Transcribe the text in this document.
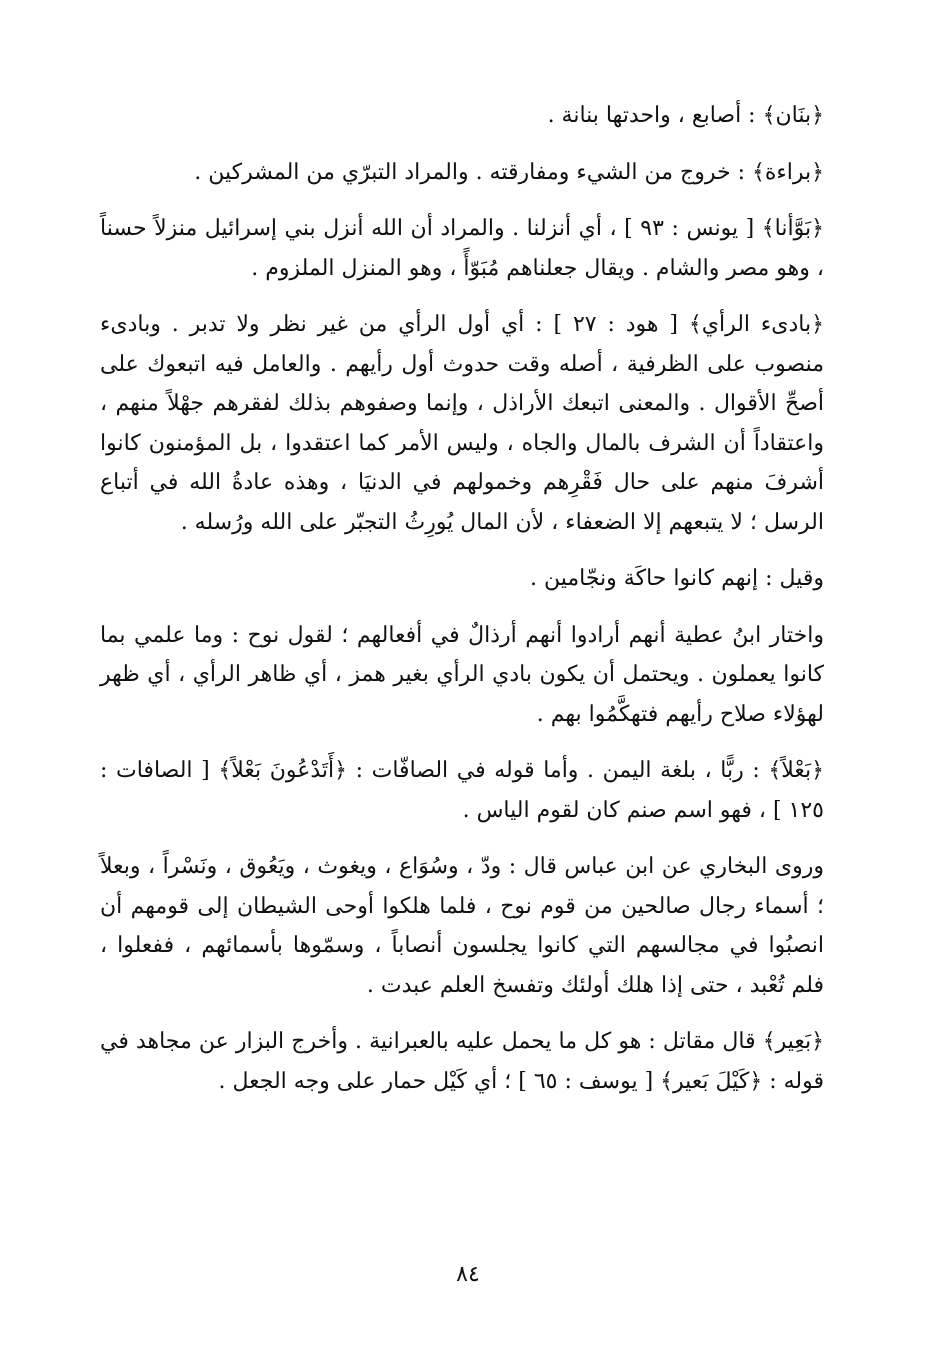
﴿بنَان﴾ : أصابع ، واحدتها بنانة .

﴿براءة﴾ : خروج من الشيء ومفارقته . والمراد التبرّي من المشركين .

﴿بَوَّأنا﴾ [ يونس : ٩٣ ] ، أي أنزلنا . والمراد أن الله أنزل بني إسرائيل منزلاً حسناً ، وهو مصر والشام . ويقال جعلناهم مُبَوّأً ، وهو المنزل الملزوم .

﴿بادىء الرأي﴾ [ هود : ٢٧ ] : أي أول الرأي من غير نظر ولا تدبر . وبادىء منصوب على الظرفية ، أصله وقت حدوث أول رأيهم . والعامل فيه اتبعوك على أصحِّ الأقوال . والمعنى اتبعك الأراذل ، وإنما وصفوهم بذلك لفقرهم جهْلاً منهم ، واعتقاداً أن الشرف بالمال والجاه ، وليس الأمر كما اعتقدوا ، بل المؤمنون كانوا أشرفَ منهم على حال فَقْرِهم وخمولهم في الدنيَا ، وهذه عادةُ الله في أتباع الرسل ؛ لا يتبعهم إلا الضعفاء ، لأن المال يُورِثُ التجبّر على الله ورُسله .

وقيل : إنهم كانوا حاكَة ونجّامين .

واختار ابنُ عطية أنهم أرادوا أنهم أرذالٌ في أفعالهم ؛ لقول نوح : وما علمي بما كانوا يعملون . ويحتمل أن يكون بادي الرأي بغير همز ، أي ظاهر الرأي ، أي ظهر لهؤلاء صلاح رأيهم فتهكَّمُوا بهم .

﴿بَعْلاً﴾ : ربًّا ، بلغة اليمن . وأما قوله في الصافّات : ﴿أَتَدْعُونَ بَعْلاً﴾ [ الصافات : ١٢٥ ] ، فهو اسم صنم كان لقوم الياس .

وروى البخاري عن ابن عباس قال : ودّ ، وسُوَاع ، ويغوث ، ويَعُوق ، ونَسْراً ، وبعلاً ؛ أسماء رجال صالحين من قوم نوح ، فلما هلكوا أوحى الشيطان إلى قومهم أن انصبُوا في مجالسهم التي كانوا يجلسون أنصاباً ، وسمّوها بأسمائهم ، ففعلوا ، فلم تُعْبد ، حتى إذا هلك أولئك وتفسخ العلم عبدت .

﴿بَعِير﴾ قال مقاتل : هو كل ما يحمل عليه بالعبرانية . وأخرج البزار عن مجاهد في قوله : ﴿كَيْلَ بَعير﴾ [ يوسف : ٦٥ ] ؛ أي كَيْل حمار على وجه الجعل .

٨٤
